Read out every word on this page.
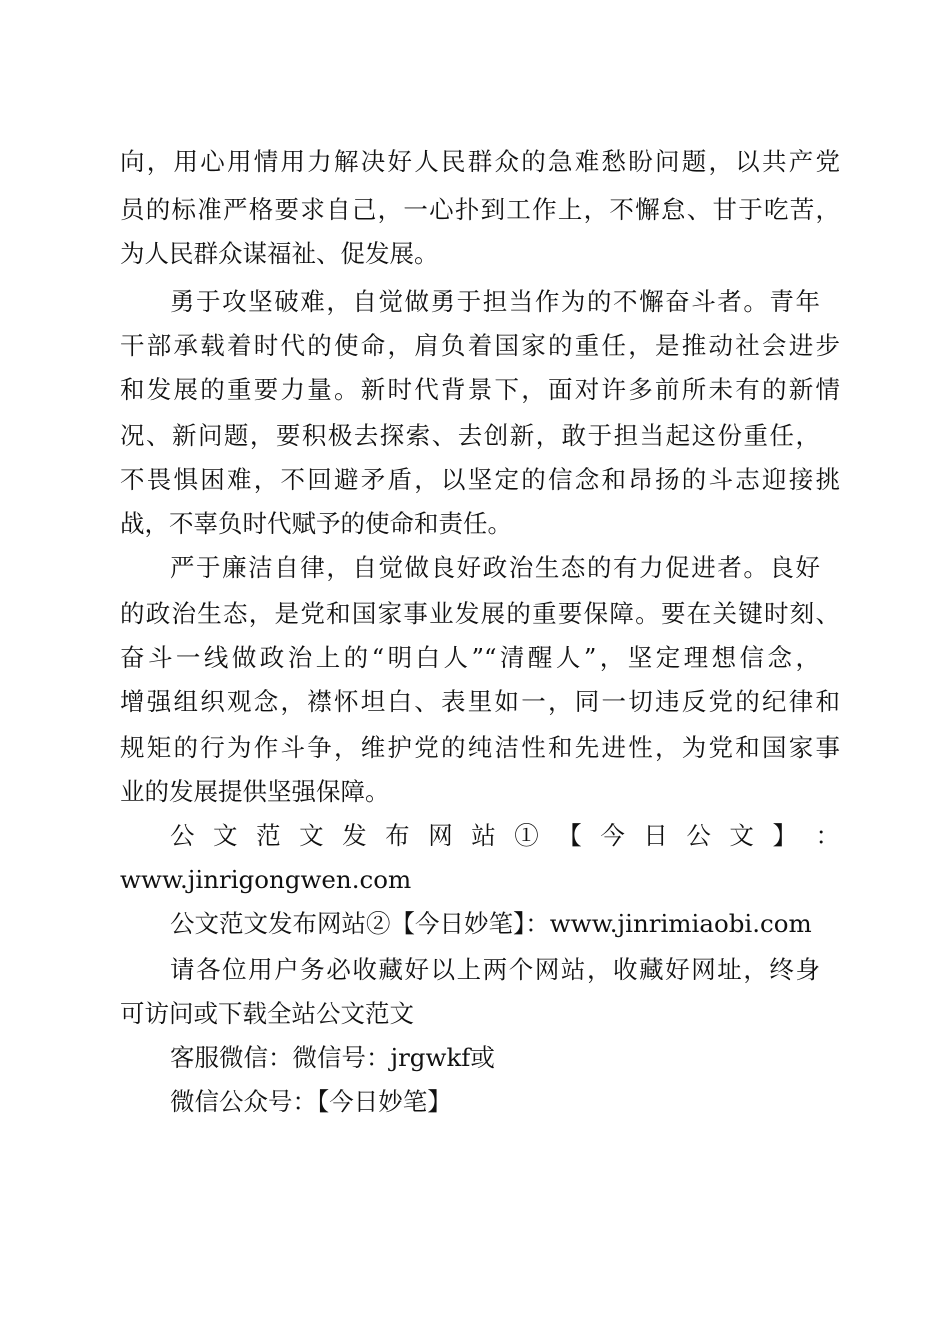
向，用心用情用力解决好人民群众的急难愁盼问题，以共产党
员的标准严格要求自己，一心扑到工作上，不懈怠、甘于吃苦，
为人民群众谋福祉、促发展。
勇于攻坚破难，自觉做勇于担当作为的不懈奋斗者。青年
干部承载着时代的使命，肩负着国家的重任，是推动社会进步
和发展的重要力量。新时代背景下，面对许多前所未有的新情
况、新问题，要积极去探索、去创新，敢于担当起这份重任，
不畏惧困难，不回避矛盾，以坚定的信念和昂扬的斗志迎接挑
战，不辜负时代赋予的使命和责任。
严于廉洁自律，自觉做良好政治生态的有力促进者。良好
的政治生态，是党和国家事业发展的重要保障。要在关键时刻、
奋斗一线做政治上的“明白人”“清醒人”，坚定理想信念，
增强组织观念，襟怀坦白、表里如一，同一切违反党的纪律和
规矩的行为作斗争，维护党的纯洁性和先进性，为党和国家事
业的发展提供坚强保障。
公 文 范 文 发 布 网 站 ① 【 今 日 公 文 】 ：
www.jinrigongwen.com
公文范文发布网站②【今日妙笔】：www.jinrimiaobi.com
请各位用户务必收藏好以上两个网站，收藏好网址，终身
可访问或下载全站公文范文
客服微信：微信号：jrgwkf或
微信公众号：【今日妙笔】
